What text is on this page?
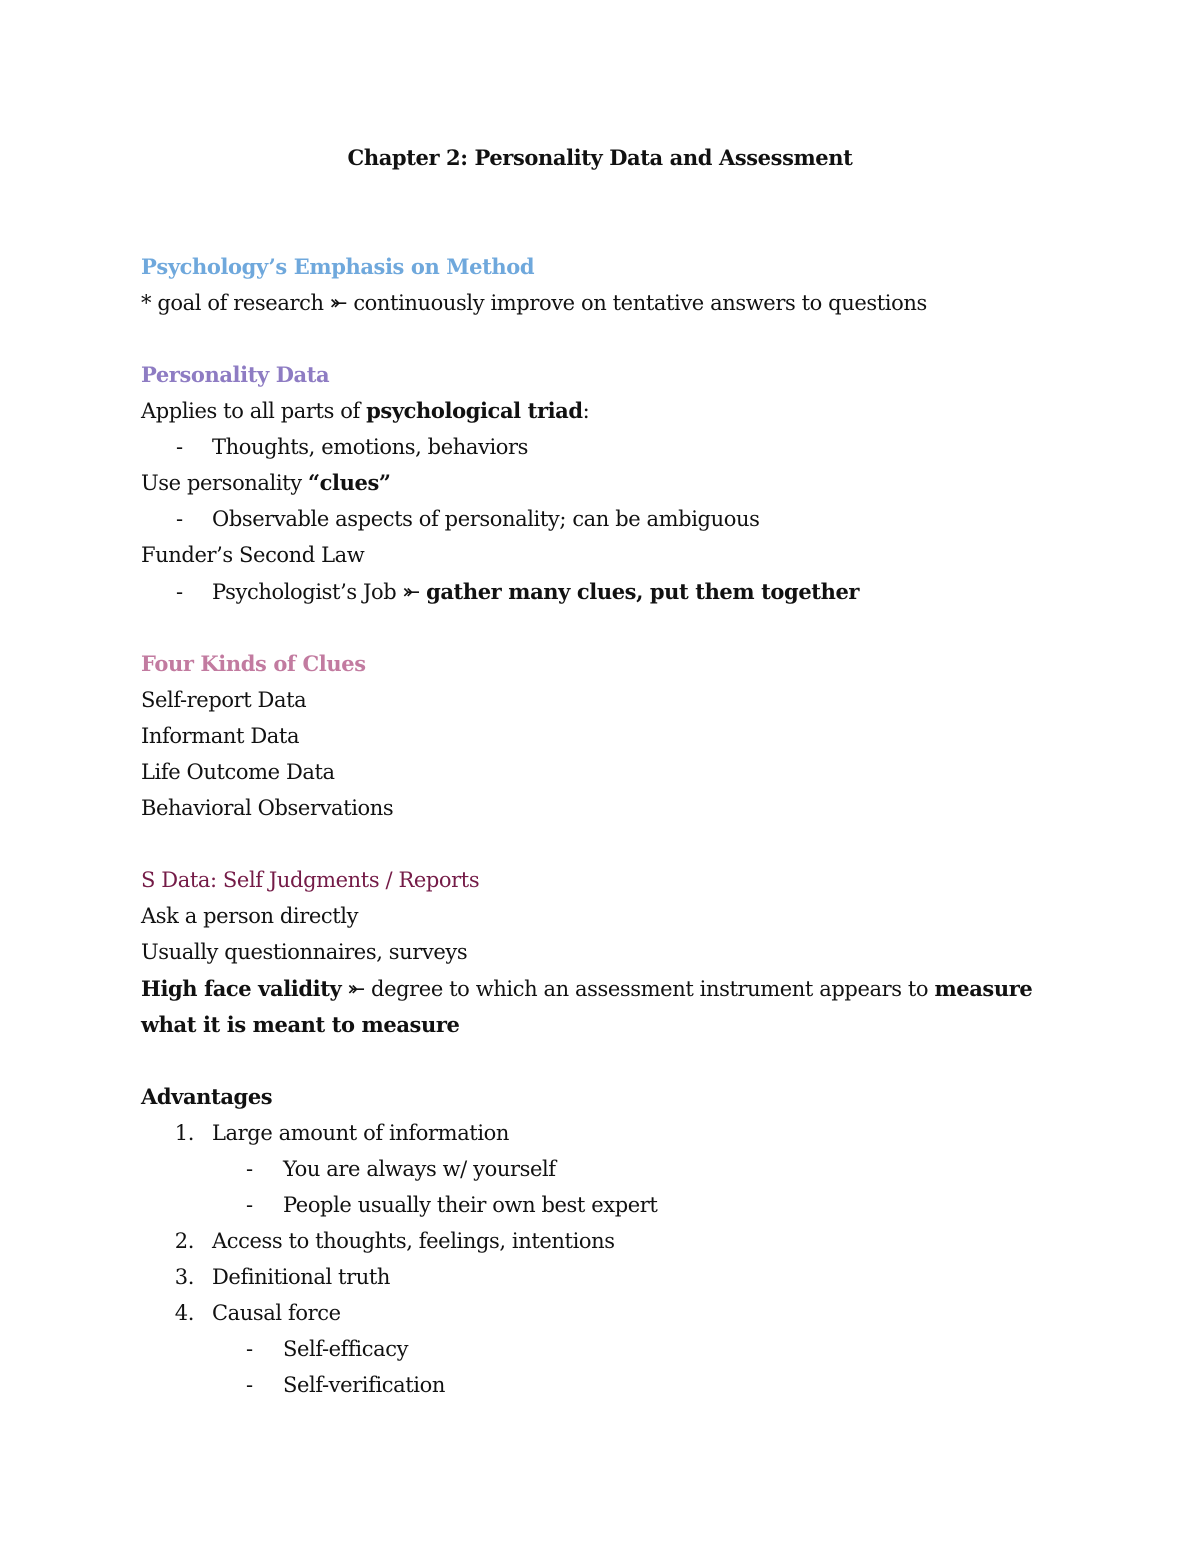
Chapter 2: Personality Data and Assessment

Psychology’s Emphasis on Method

* goal of research ⤜ continuously improve on tentative answers to questions

Personality Data

Applies to all parts of psychological triad:

- Thoughts, emotions, behaviors

Use personality “clues”

- Observable aspects of personality; can be ambiguous

Funder’s Second Law

- Psychologist’s Job ⤜ gather many clues, put them together

Four Kinds of Clues

Self-report Data

Informant Data

Life Outcome Data

Behavioral Observations

S Data: Self Judgments / Reports

Ask a person directly

Usually questionnaires, surveys

High face validity ⤜ degree to which an assessment instrument appears to measure

what it is meant to measure

Advantages

1. Large amount of information

- You are always w/ yourself

- People usually their own best expert

2. Access to thoughts, feelings, intentions

3. Definitional truth

4. Causal force

- Self-efficacy

- Self-verification
